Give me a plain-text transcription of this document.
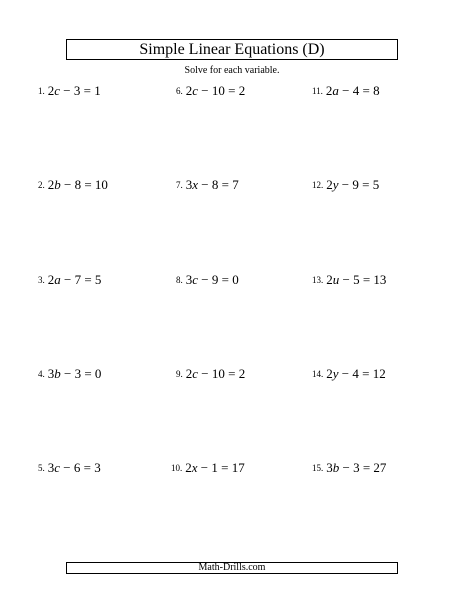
Simple Linear Equations (D)
Solve for each variable.
1. 2c − 3 = 1
2. 2b − 8 = 10
3. 2a − 7 = 5
4. 3b − 3 = 0
5. 3c − 6 = 3
6. 2c − 10 = 2
7. 3x − 8 = 7
8. 3c − 9 = 0
9. 2c − 10 = 2
10. 2x − 1 = 17
11. 2a − 4 = 8
12. 2y − 9 = 5
13. 2u − 5 = 13
14. 2y − 4 = 12
15. 3b − 3 = 27
Math-Drills.com
